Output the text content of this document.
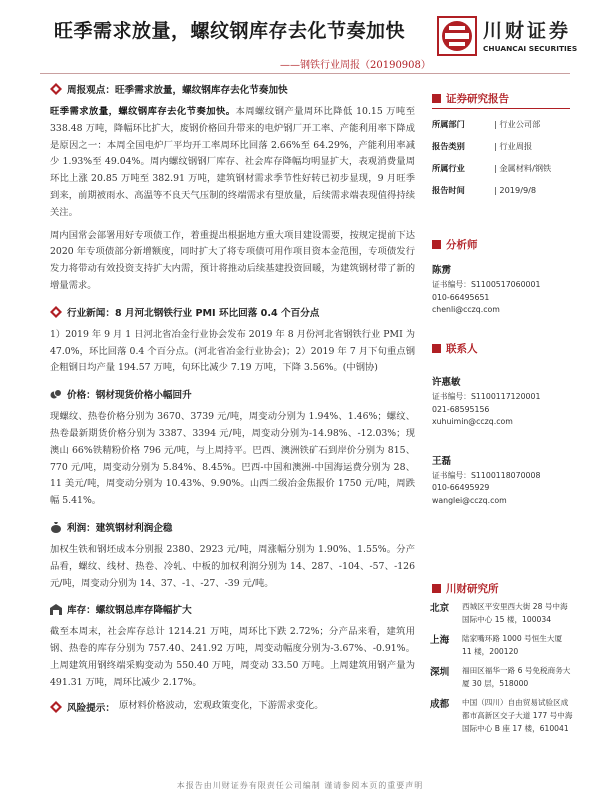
旺季需求放量，螺纹钢库存去化节奏加快
——钢铁行业周报（20190908）
川财证券
CHUANCAI SECURITIES
周报观点：旺季需求放量，螺纹钢库存去化节奏加快

旺季需求放量，螺纹钢库存去化节奏加快。本周螺纹钢产量周环比降低 10.15 万吨至 338.48 万吨，降幅环比扩大，废钢价格回升带来的电炉钢厂开工率、产能利用率下降成是原因之一：本周全国电炉厂平均开工率周环比回落 2.66%至 64.29%，产能利用率减少 1.93%至 49.04%。周内螺纹钢钢厂库存、社会库存降幅均明显扩大，表观消费量周环比上涨 20.85 万吨至 382.91 万吨，建筑钢材需求季节性好转已初步显现，9 月旺季到来，前期被雨水、高温等不良天气压制的终端需求有望放量，后续需求端表现值得持续关注。

周内国常会部署用好专项债工作，着重提出根据地方重大项目建设需要，按规定提前下达 2020 年专项债部分新增额度，同时扩大了将专项债可用作项目资本金范围，专项债发行发力将带动有效投资支持扩大内需，预计将推动后续基建投资回暖，为建筑钢材带了新的增量需求。

行业新闻：8 月河北钢铁行业 PMI 环比回落 0.4 个百分点

1）2019 年 9 月 1 日河北省冶金行业协会发布 2019 年 8 月份河北省钢铁行业 PMI 为 47.0%，环比回落 0.4 个百分点。(河北省冶金行业协会)；2）2019 年 7 月下旬重点钢企粗钢日均产量 194.57 万吨，旬环比减少 7.19 万吨，下降 3.56%。(中钢协)

价格：钢材现货价格小幅回升

现螺纹、热卷价格分别为 3670、3739 元/吨，周变动分别为 1.94%、1.46%；螺纹、热卷最新期货价格分别为 3387、3394 元/吨，周变动分别为-14.98%、-12.03%；现澳山 66%铁精粉价格 796 元/吨，与上周持平。巴西、澳洲铁矿石到岸价分别为 815、770 元/吨，周变动分别为 5.84%、8.45%。巴西-中国和澳洲-中国海运费分别为 28、11 美元/吨，周变动分别为 10.43%、9.90%。山西二级冶金焦报价 1750 元/吨，周跌幅 5.41%。

利润：建筑钢材利润企稳

加权生铁和钢坯成本分别报 2380、2923 元/吨，周涨幅分别为 1.90%、1.55%。分产品看，螺纹、线材、热卷、冷轧、中板的加权利润分别为 14、287、-104、-57、-126 元/吨，周变动分别为 14、37、-1、-27、-39 元/吨。

库存：螺纹钢总库存降幅扩大

截至本周末，社会库存总计 1214.21 万吨，周环比下跌 2.72%；分产品来看，建筑用钢、热卷的库存分别为 757.40、241.92 万吨，周变动幅度分别为-3.67%、-0.91%。上周建筑用钢终端采购变动为 550.40 万吨，周变动 33.50 万吨。上周建筑用钢产量为 491.31 万吨，周环比减少 2.17%。

风险提示： 原材料价格波动，宏观政策变化，下游需求变化。
证券研究报告
所属部门	| 行业公司部
报告类别	| 行业周报
所属行业	| 金属材料/钢铁
报告时间	| 2019/9/8
分析师
陈雳
证书编号：S1100517060001
010-66495651
chenli@cczq.com
联系人
许惠敏
证书编号：S1100117120001
021-68595156
xuhuimin@cczq.com
王磊
证书编号：S1100118070008
010-66495929
wanglei@cczq.com
川财研究所
北京	西城区平安里西大街 28 号中海国际中心 15 楼，100034
上海	陆家嘴环路 1000 号恒生大厦 11 楼，200120
深圳	福田区福华一路 6 号免税商务大厦 30 层，518000
成都	中国（四川）自由贸易试验区成都市高新区交子大道 177 号中海国际中心 B 座 17 楼，610041
本报告由川财证券有限责任公司编制 谨请参阅本页的重要声明
